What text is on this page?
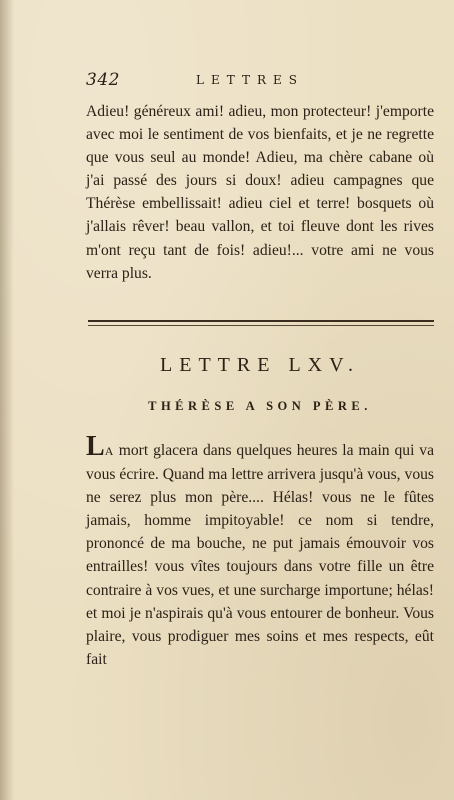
342	LETTRES

Adieu! généreux ami! adieu, mon protecteur! j'emporte avec moi le sentiment de vos bienfaits, et je ne regrette que vous seul au monde! Adieu, ma chère cabane où j'ai passé des jours si doux! adieu campagnes que Thérèse embellissait! adieu ciel et terre! bosquets où j'allais rêver! beau vallon, et toi fleuve dont les rives m'ont reçu tant de fois! adieu!... votre ami ne vous verra plus.

LETTRE LXV.
THÉRÈSE A SON PÈRE.

LA mort glacera dans quelques heures la main qui va vous écrire. Quand ma lettre arrivera jusqu'à vous, vous ne serez plus mon père.... Hélas! vous ne le fûtes jamais, homme impitoyable! ce nom si tendre, prononcé de ma bouche, ne put jamais émouvoir vos entrailles! vous vîtes toujours dans votre fille un être contraire à vos vues, et une surcharge importune; hélas! et moi je n'aspirais qu'à vous entourer de bonheur. Vous plaire, vous prodiguer mes soins et mes respects, eût fait
